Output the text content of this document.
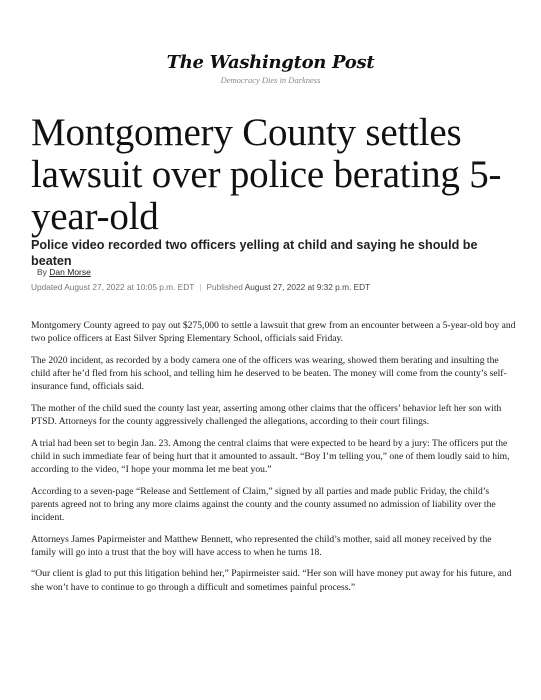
The Washington Post
Democracy Dies in Darkness
Montgomery County settles lawsuit over police berating 5-year-old
Police video recorded two officers yelling at child and saying he should be beaten
By Dan Morse
Updated August 27, 2022 at 10:05 p.m. EDT | Published August 27, 2022 at 9:32 p.m. EDT

Montgomery County agreed to pay out $275,000 to settle a lawsuit that grew from an encounter between a 5-year-old boy and two police officers at East Silver Spring Elementary School, officials said Friday.

The 2020 incident, as recorded by a body camera one of the officers was wearing, showed them berating and insulting the child after he’d fled from his school, and telling him he deserved to be beaten. The money will come from the county’s self-insurance fund, officials said.

The mother of the child sued the county last year, asserting among other claims that the officers’ behavior left her son with PTSD. Attorneys for the county aggressively challenged the allegations, according to their court filings.

A trial had been set to begin Jan. 23. Among the central claims that were expected to be heard by a jury: The officers put the child in such immediate fear of being hurt that it amounted to assault. “Boy I’m telling you,” one of them loudly said to him, according to the video, “I hope your momma let me beat you.”

According to a seven-page “Release and Settlement of Claim,” signed by all parties and made public Friday, the child’s parents agreed not to bring any more claims against the county and the county assumed no admission of liability over the incident.

Attorneys James Papirmeister and Matthew Bennett, who represented the child’s mother, said all money received by the family will go into a trust that the boy will have access to when he turns 18.

“Our client is glad to put this litigation behind her,” Papirmeister said. “Her son will have money put away for his future, and she won’t have to continue to go through a difficult and sometimes painful process.”
